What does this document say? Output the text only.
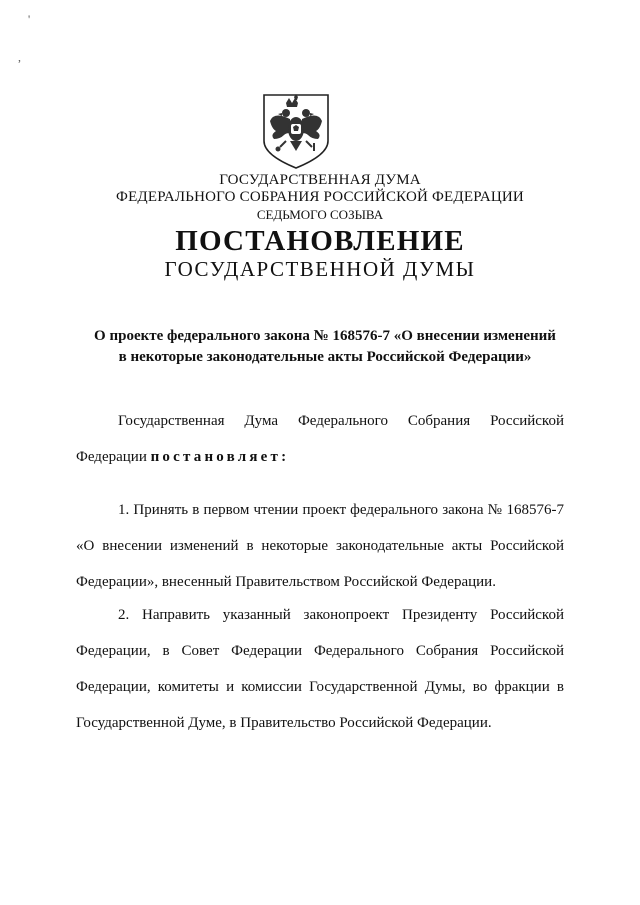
'
,
ГОСУДАРСТВЕННАЯ ДУМА
ФЕДЕРАЛЬНОГО СОБРАНИЯ РОССИЙСКОЙ ФЕДЕРАЦИИ
СЕДЬМОГО СОЗЫВА
ПОСТАНОВЛЕНИЕ
ГОСУДАРСТВЕННОЙ ДУМЫ
О проекте федерального закона № 168576-7 «О внесении изменений
в некоторые законодательные акты Российской Федерации»
Государственная Дума Федерального Собрания Российской Федерации постановляет:
1. Принять в первом чтении проект федерального закона № 168576-7 «О внесении изменений в некоторые законодательные акты Российской Федерации», внесенный Правительством Российской Федерации.
2. Направить указанный законопроект Президенту Российской Федерации, в Совет Федерации Федерального Собрания Российской Федерации, комитеты и комиссии Государственной Думы, во фракции в Государственной Думе, в Правительство Российской Федерации.
